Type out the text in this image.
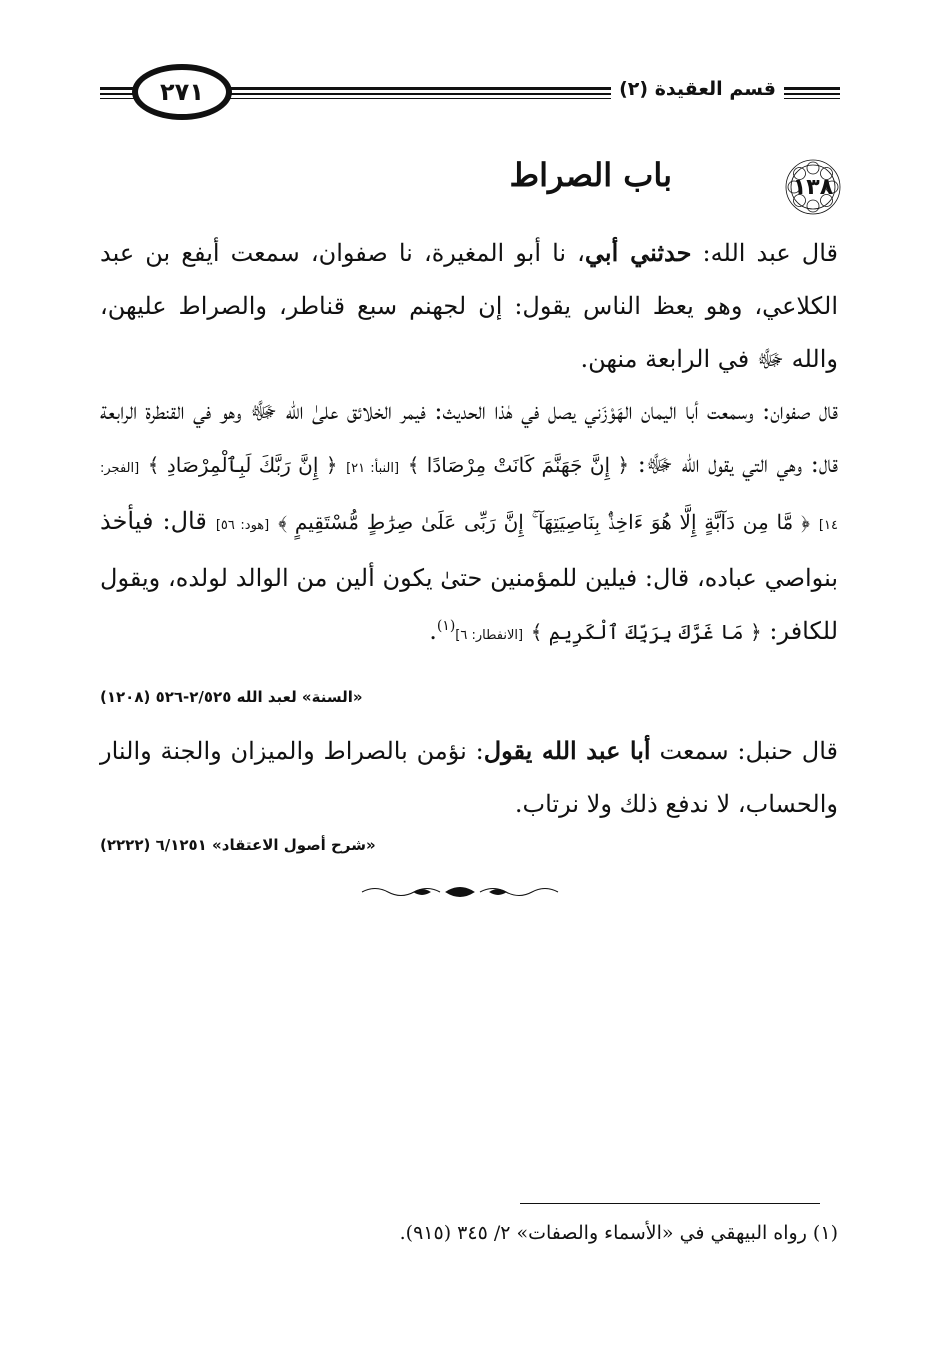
٢٧١	قسم العقيدة (٢)
١٣٨
باب الصراط
قال عبد الله: حدثني أبي، نا أبو المغيرة، نا صفوان، سمعت أيفع بن عبد الكلاعي، وهو يعظ الناس يقول: إن لجهنم سبع قناطر، والصراط عليهن، والله ﷻ في الرابعة منهن.
قال صفوان: وسمعت أبا اليمان الهَوْزَني يصل في هٰذا الحديث: فيمر الخلائق علىٰ الله ﷻ وهو في القنطرة الرابعة قال: وهي التي يقول الله ﷻ: ﴿ إِنَّ جَهَنَّمَ كَانَتْ مِرْصَادًا ﴾ [النبأ: ٢١] ﴿ إِنَّ رَبَّكَ لَبِٱلْمِرْصَادِ ﴾ [الفجر: ١٤] ﴿ مَّا مِن دَآبَّةٍ إِلَّا هُوَ ءَاخِذٌۢ بِنَاصِيَتِهَآ ۚ إِنَّ رَبِّى عَلَىٰ صِرَٰطٍ مُّسْتَقِيمٍ ﴾ [هود: ٥٦] قال: فيأخذ بنواصي عباده، قال: فيلين للمؤمنين حتىٰ يكون ألين من الوالد لولده، ويقول للكافر: ﴿ مَا غَرَّكَ بِرَبِّكَ ٱلْكَرِيمِ ﴾ [الانفطار: ٦]$^{(١)}$.
«السنة» لعبد الله ٢/٥٢٥-٥٢٦ (١٢٠٨)
قال حنبل: سمعت أبا عبد الله يقول: نؤمن بالصراط والميزان والجنة والنار والحساب، لا ندفع ذلك ولا نرتاب.
«شرح أصول الاعتقاد» ٦/١٢٥١ (٢٢٢٢)
(١) رواه البيهقي في «الأسماء والصفات» ٢/ ٣٤٥ (٩١٥).
